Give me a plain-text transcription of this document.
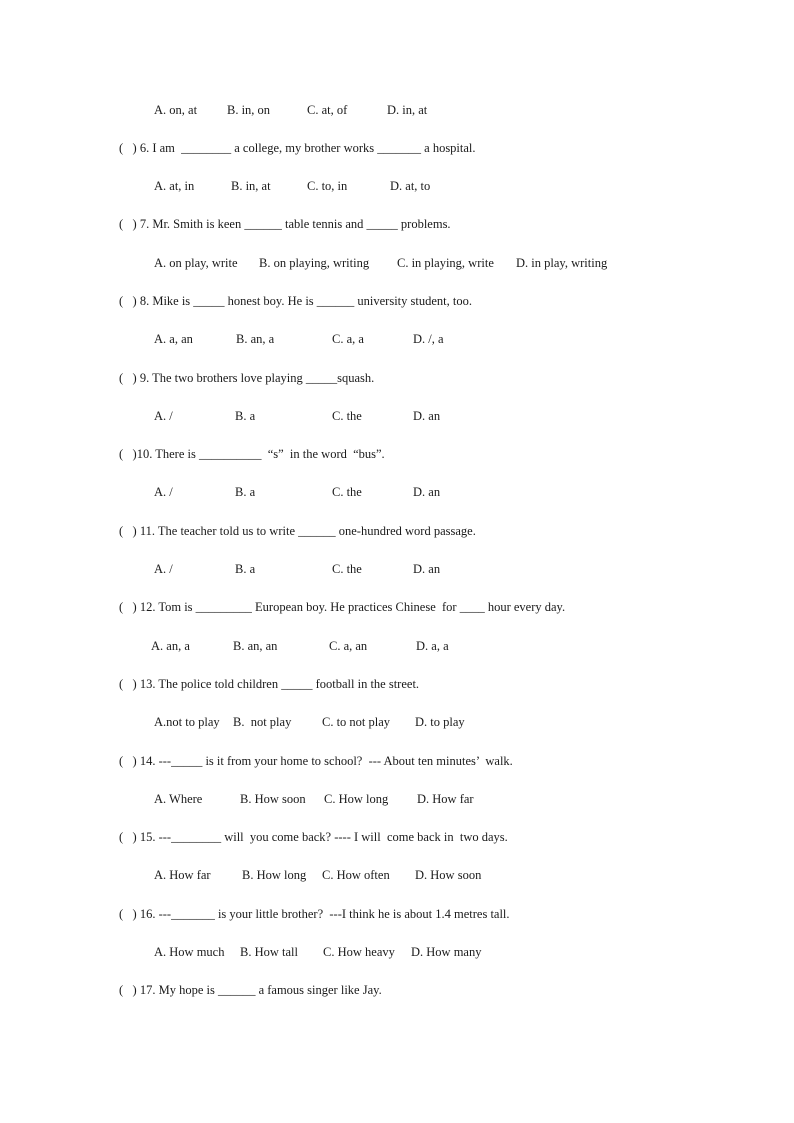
A. on, at

B. in, on

	C. at, of

	D. in, at

(   ) 6. I am  ________ a college, my brother works _______ a hospital.

A. at, in

	B. in, at

	C. to, in

	D. at, to

(   ) 7. Mr. Smith is keen ______ table tennis and _____ problems.

A. on play, write

B. on playing, writing

C. in playing, write

D. in play, writing

(   ) 8. Mike is _____ honest boy. He is ______ university student, too.

A. a, an

	B. an, a

	C. a, a

	D. /, a

(   ) 9. The two brothers love playing _____squash.

A. /

	B. a

	C. the

	D. an

(   )10. There is __________  “s”  in the word  “bus”.

A. /

	B. a

	C. the

	D. an

(   ) 11. The teacher told us to write ______ one-hundred word passage.

A. /

	B. a

	C. the

	D. an

(   ) 12. Tom is _________ European boy. He practices Chinese  for ____ hour every day.

A. an, a

	B. an, an

	C. a, an

	D. a, a

(   ) 13. The police told children _____ football in the street.

A.not to play

B.  not play

C. to not play

D. to play

(   ) 14. ---_____ is it from your home to school?  --- About ten minutes’  walk.

A. Where

	B. How soon

C. How long

D. How far

(   ) 15. ---________ will  you come back? ---- I will  come back in  two days.

A. How far

	B. How long

C. How often

D. How soon

(   ) 16. ---_______ is your little brother?  ---I think he is about 1.4 metres tall.

A. How much

B. How tall

C. How heavy

D. How many

(   ) 17. My hope is ______ a famous singer like Jay.
